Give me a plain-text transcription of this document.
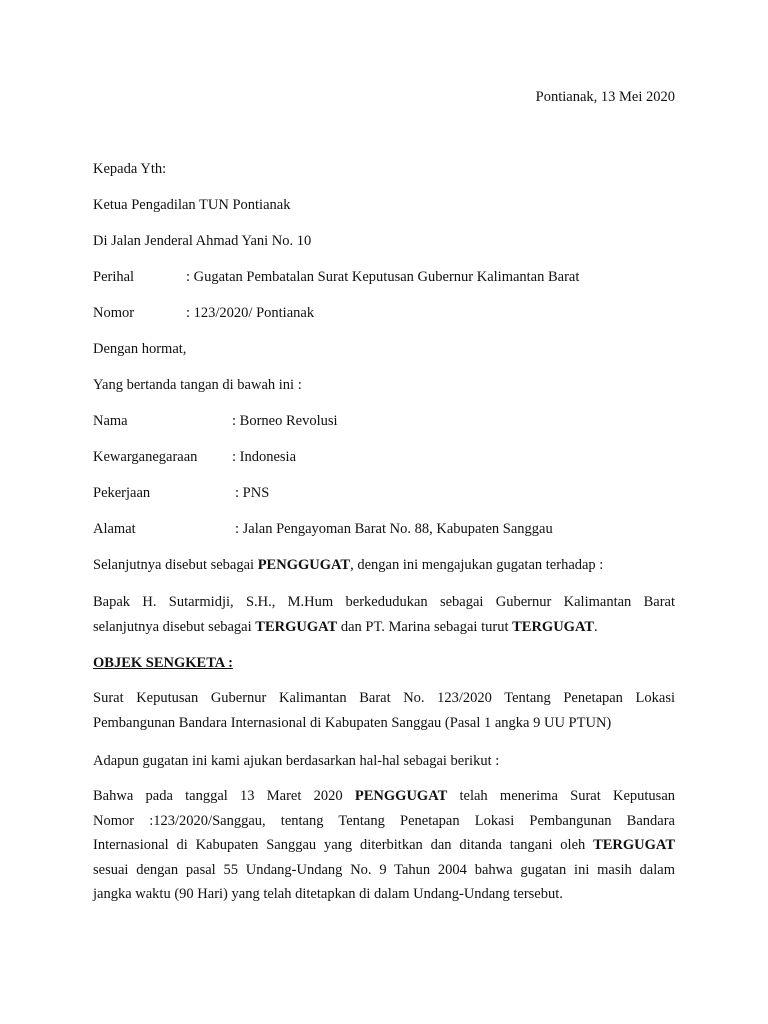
Pontianak, 13 Mei 2020
Kepada Yth:
Ketua Pengadilan TUN Pontianak
Di Jalan Jenderal Ahmad Yani No. 10
Perihal	: Gugatan Pembatalan Surat Keputusan Gubernur Kalimantan Barat
Nomor	: 123/2020/ Pontianak
Dengan hormat,
Yang bertanda tangan di bawah ini :
Nama	: Borneo Revolusi
Kewarganegaraan : Indonesia
Pekerjaan	: PNS
Alamat	: Jalan Pengayoman Barat No. 88, Kabupaten Sanggau
Selanjutnya disebut sebagai PENGGUGAT, dengan ini mengajukan gugatan terhadap :
Bapak H. Sutarmidji, S.H., M.Hum berkedudukan sebagai Gubernur Kalimantan Barat
selanjutnya disebut sebagai TERGUGAT dan PT. Marina sebagai turut TERGUGAT.
OBJEK SENGKETA :
Surat Keputusan Gubernur Kalimantan Barat No. 123/2020 Tentang Penetapan Lokasi
Pembangunan Bandara Internasional di Kabupaten Sanggau (Pasal 1 angka 9 UU PTUN)
Adapun gugatan ini kami ajukan berdasarkan hal-hal sebagai berikut :
Bahwa pada tanggal 13 Maret 2020 PENGGUGAT telah menerima Surat Keputusan
Nomor :123/2020/Sanggau, tentang Tentang Penetapan Lokasi Pembangunan Bandara
Internasional di Kabupaten Sanggau yang diterbitkan dan ditanda tangani oleh TERGUGAT
sesuai dengan pasal 55 Undang-Undang No. 9 Tahun 2004 bahwa gugatan ini masih dalam
jangka waktu (90 Hari) yang telah ditetapkan di dalam Undang-Undang tersebut.
